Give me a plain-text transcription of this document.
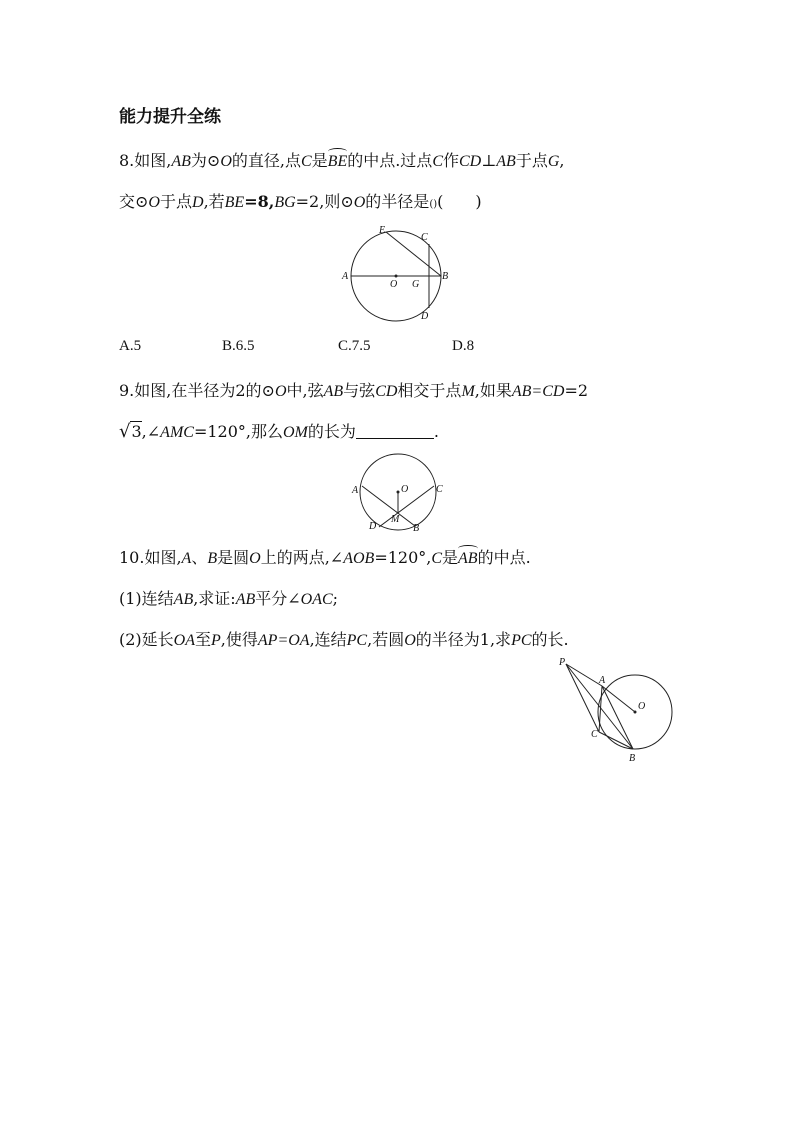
能力提升全练
8.如图,AB为⊙O的直径,点C是BE的中点.过点C作CD⊥AB于点G,
交⊙O于点D,若BE=8,BG=2,则⊙O的半径是()(　　)
A	B
E
C
O G
D
A.5	B.6.5	C.7.5	D.8
9.如图,在半径为2的⊙O中,弦AB与弦CD相交于点M,如果AB=CD=2
√3,∠AMC=120°,那么OM的长为	.
A	C
O
M
D	B
10.如图,A、B是圆O上的两点,∠AOB=120°,C是AB的中点.
(1)连结AB,求证:AB平分∠OAC;
(2)延长OA至P,使得AP=OA,连结PC,若圆O的半径为1,求PC的长.
P
A
O
C
B
